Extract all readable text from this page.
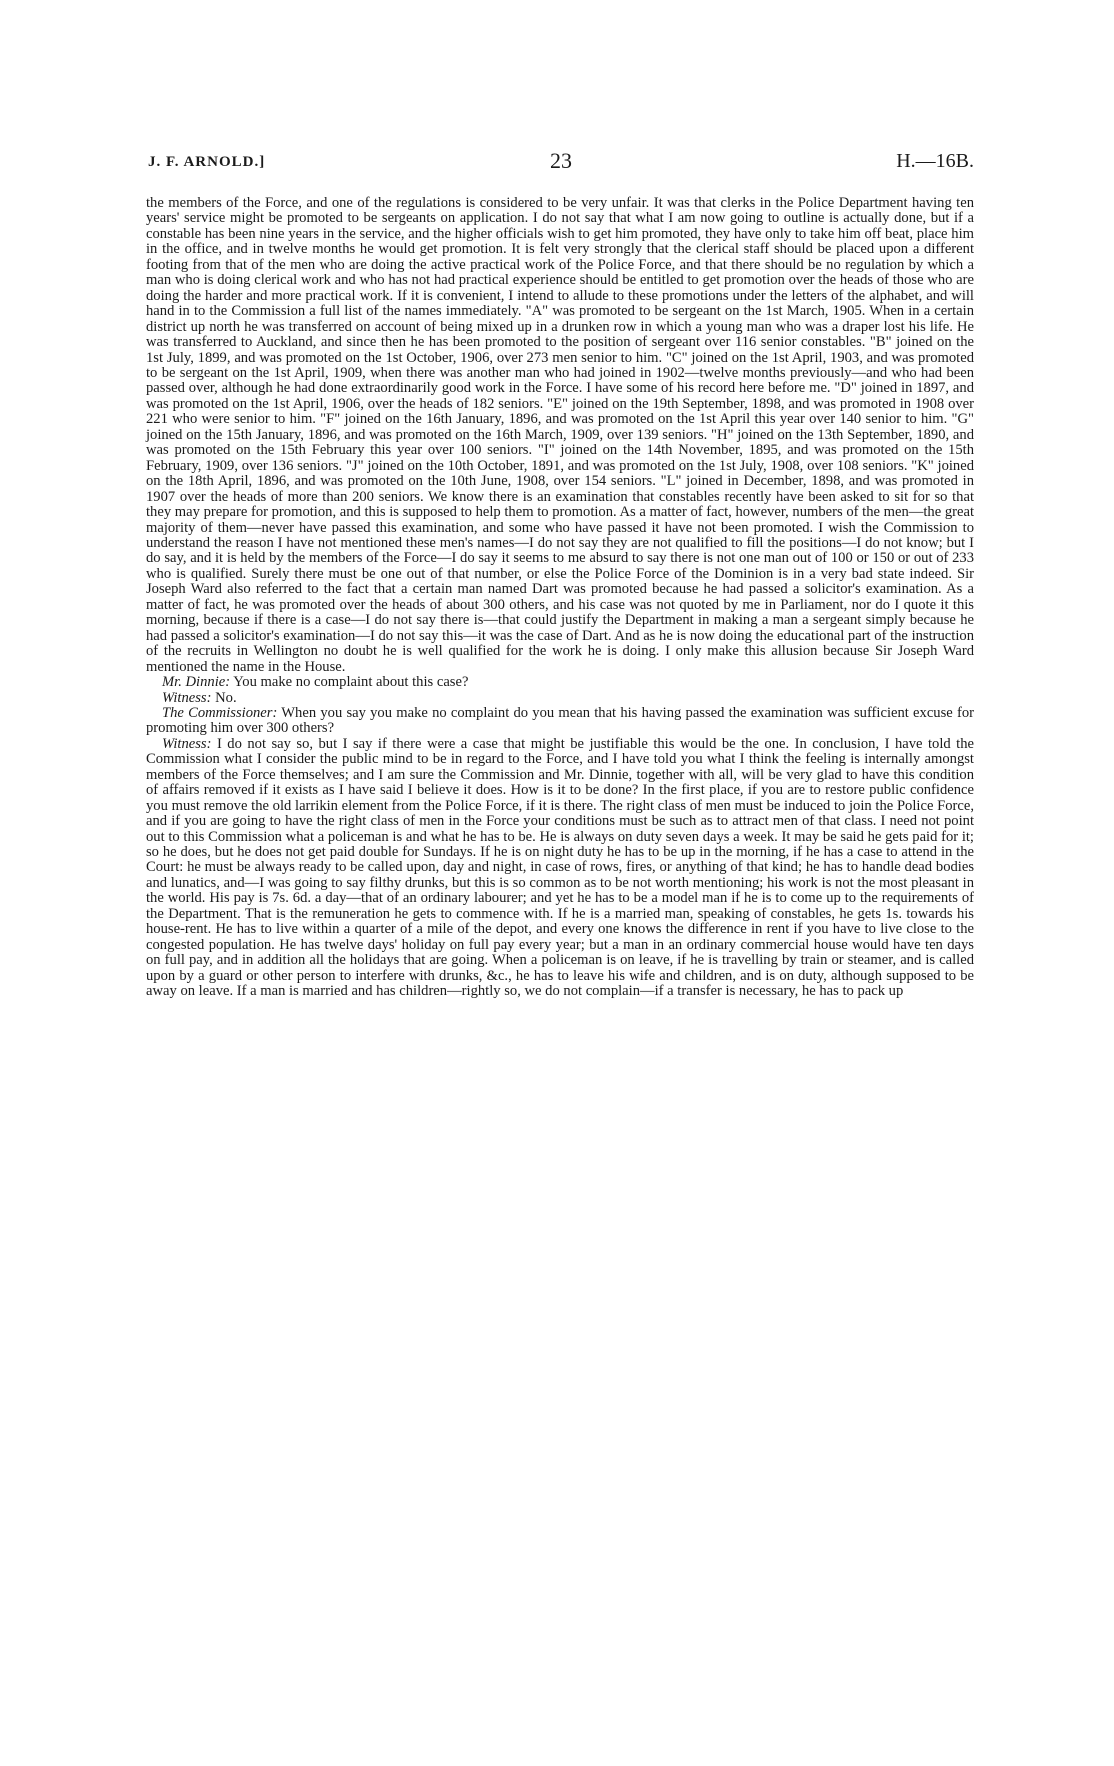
J. F. ARNOLD.]	23	H.—16B.

the members of the Force, and one of the regulations is considered to be very unfair. It was that clerks in the Police Department having ten years' service might be promoted to be sergeants on application. I do not say that what I am now going to outline is actually done, but if a constable has been nine years in the service, and the higher officials wish to get him promoted, they have only to take him off beat, place him in the office, and in twelve months he would get promotion. It is felt very strongly that the clerical staff should be placed upon a different footing from that of the men who are doing the active practical work of the Police Force, and that there should be no regulation by which a man who is doing clerical work and who has not had practical experience should be entitled to get promotion over the heads of those who are doing the harder and more practical work. If it is convenient, I intend to allude to these promotions under the letters of the alphabet, and will hand in to the Commission a full list of the names immediately. "A" was promoted to be sergeant on the 1st March, 1905. When in a certain district up north he was transferred on account of being mixed up in a drunken row in which a young man who was a draper lost his life. He was transferred to Auckland, and since then he has been promoted to the position of sergeant over 116 senior constables. "B" joined on the 1st July, 1899, and was promoted on the 1st October, 1906, over 273 men senior to him. "C" joined on the 1st April, 1903, and was promoted to be sergeant on the 1st April, 1909, when there was another man who had joined in 1902—twelve months previously—and who had been passed over, although he had done extraordinarily good work in the Force. I have some of his record here before me. "D" joined in 1897, and was promoted on the 1st April, 1906, over the heads of 182 seniors. "E" joined on the 19th September, 1898, and was promoted in 1908 over 221 who were senior to him. "F" joined on the 16th January, 1896, and was promoted on the 1st April this year over 140 senior to him. "G" joined on the 15th January, 1896, and was promoted on the 16th March, 1909, over 139 seniors. "H" joined on the 13th September, 1890, and was promoted on the 15th February this year over 100 seniors. "I" joined on the 14th November, 1895, and was promoted on the 15th February, 1909, over 136 seniors. "J" joined on the 10th October, 1891, and was promoted on the 1st July, 1908, over 108 seniors. "K" joined on the 18th April, 1896, and was promoted on the 10th June, 1908, over 154 seniors. "L" joined in December, 1898, and was promoted in 1907 over the heads of more than 200 seniors. We know there is an examination that constables recently have been asked to sit for so that they may prepare for promotion, and this is supposed to help them to promotion. As a matter of fact, however, numbers of the men—the great majority of them—never have passed this examination, and some who have passed it have not been promoted. I wish the Commission to understand the reason I have not mentioned these men's names—I do not say they are not qualified to fill the positions—I do not know; but I do say, and it is held by the members of the Force—I do say it seems to me absurd to say there is not one man out of 100 or 150 or out of 233 who is qualified. Surely there must be one out of that number, or else the Police Force of the Dominion is in a very bad state indeed. Sir Joseph Ward also referred to the fact that a certain man named Dart was promoted because he had passed a solicitor's examination. As a matter of fact, he was promoted over the heads of about 300 others, and his case was not quoted by me in Parliament, nor do I quote it this morning, because if there is a case—I do not say there is—that could justify the Department in making a man a sergeant simply because he had passed a solicitor's examination—I do not say this—it was the case of Dart. And as he is now doing the educational part of the instruction of the recruits in Wellington no doubt he is well qualified for the work he is doing. I only make this allusion because Sir Joseph Ward mentioned the name in the House.

Mr. Dinnie: You make no complaint about this case?

Witness: No.

The Commissioner: When you say you make no complaint do you mean that his having passed the examination was sufficient excuse for promoting him over 300 others?

Witness: I do not say so, but I say if there were a case that might be justifiable this would be the one. In conclusion, I have told the Commission what I consider the public mind to be in regard to the Force, and I have told you what I think the feeling is internally amongst members of the Force themselves; and I am sure the Commission and Mr. Dinnie, together with all, will be very glad to have this condition of affairs removed if it exists as I have said I believe it does. How is it to be done? In the first place, if you are to restore public confidence you must remove the old larrikin element from the Police Force, if it is there. The right class of men must be induced to join the Police Force, and if you are going to have the right class of men in the Force your conditions must be such as to attract men of that class. I need not point out to this Commission what a policeman is and what he has to be. He is always on duty seven days a week. It may be said he gets paid for it; so he does, but he does not get paid double for Sundays. If he is on night duty he has to be up in the morning, if he has a case to attend in the Court: he must be always ready to be called upon, day and night, in case of rows, fires, or anything of that kind; he has to handle dead bodies and lunatics, and—I was going to say filthy drunks, but this is so common as to be not worth mentioning; his work is not the most pleasant in the world. His pay is 7s. 6d. a day—that of an ordinary labourer; and yet he has to be a model man if he is to come up to the requirements of the Department. That is the remuneration he gets to commence with. If he is a married man, speaking of constables, he gets 1s. towards his house-rent. He has to live within a quarter of a mile of the depot, and every one knows the difference in rent if you have to live close to the congested population. He has twelve days' holiday on full pay every year; but a man in an ordinary commercial house would have ten days on full pay, and in addition all the holidays that are going. When a policeman is on leave, if he is travelling by train or steamer, and is called upon by a guard or other person to interfere with drunks, &c., he has to leave his wife and children, and is on duty, although supposed to be away on leave. If a man is married and has children—rightly so, we do not complain—if a transfer is necessary, he has to pack up
